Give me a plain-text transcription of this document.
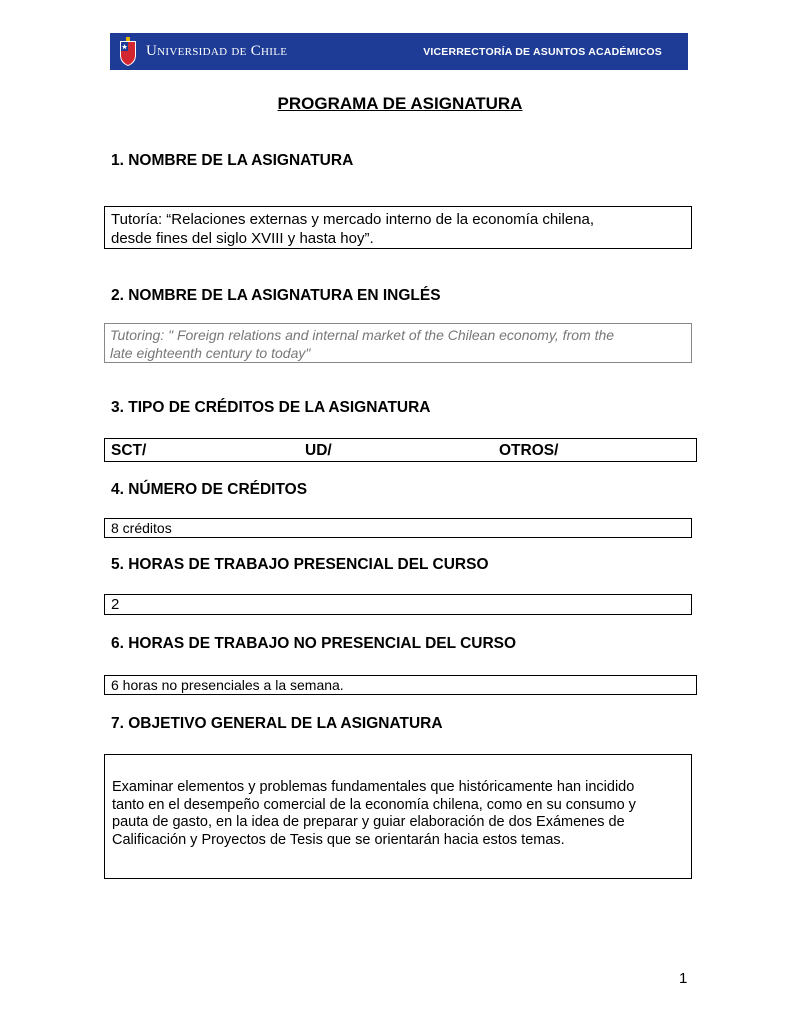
Universidad de Chile	VICERRECTORÍA DE ASUNTOS ACADÉMICOS
PROGRAMA DE ASIGNATURA
1. NOMBRE DE LA ASIGNATURA
Tutoría: “Relaciones externas y mercado interno de la economía chilena,
desde fines del siglo XVIII y hasta hoy”.
2. NOMBRE DE LA ASIGNATURA EN INGLÉS
Tutoring: " Foreign relations and internal market of the Chilean economy, from the
late eighteenth century to today"
3. TIPO DE CRÉDITOS DE LA ASIGNATURA
SCT/	UD/	OTROS/
4. NÚMERO DE CRÉDITOS
8 créditos
5. HORAS DE TRABAJO PRESENCIAL DEL CURSO
2
6. HORAS DE TRABAJO NO PRESENCIAL DEL CURSO
6 horas no presenciales a la semana.
7. OBJETIVO GENERAL DE LA ASIGNATURA
Examinar elementos y problemas fundamentales que históricamente han incidido
tanto en el desempeño comercial de la economía chilena, como en su consumo y
pauta de gasto, en la idea de preparar y guiar elaboración de dos Exámenes de
Calificación y Proyectos de Tesis que se orientarán hacia estos temas.
1
